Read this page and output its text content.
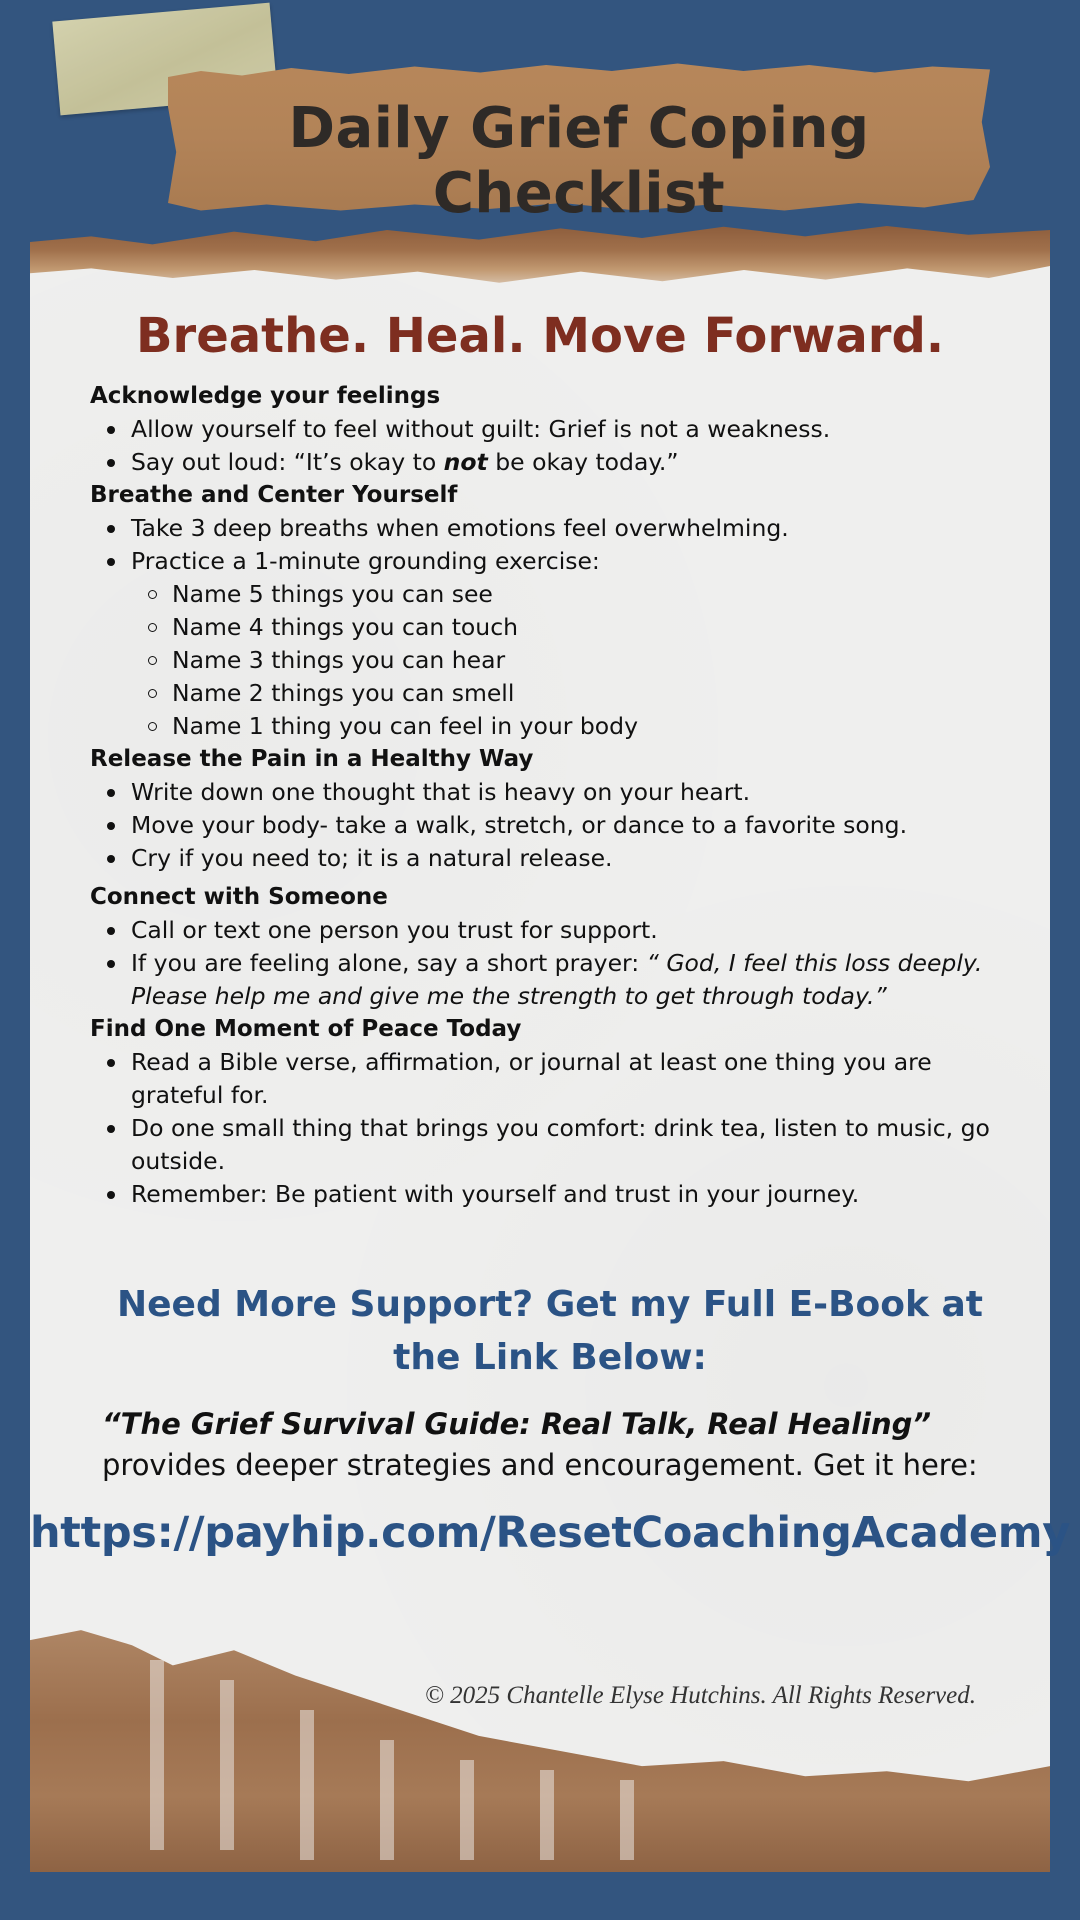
Daily Grief Coping Checklist
Breathe. Heal. Move Forward.

Acknowledge your feelings

Allow yourself to feel without guilt: Grief is not a weakness.
Say out loud: “It’s okay to not be okay today.”

Breathe and Center Yourself

Take 3 deep breaths when emotions feel overwhelming.
Practice a 1-minute grounding exercise:
Name 5 things you can see
Name 4 things you can touch
Name 3 things you can hear
Name 2 things you can smell
Name 1 thing you can feel in your body

Release the Pain in a Healthy Way

Write down one thought that is heavy on your heart.
Move your body- take a walk, stretch, or dance to a favorite song.
Cry if you need to; it is a natural release.

Connect with Someone

Call or text one person you trust for support.
If you are feeling alone, say a short prayer: “ God, I feel this loss deeply. Please help me and give me the strength to get through today.”

Find One Moment of Peace Today

Read a Bible verse, affirmation, or journal at least one thing you are grateful for.
Do one small thing that brings you comfort: drink tea, listen to music, go outside.
Remember: Be patient with yourself and trust in your journey.
Need More Support? Get my Full E-Book at the Link Below:

“The Grief Survival Guide: Real Talk, Real Healing” provides deeper strategies and encouragement. Get it here:

https://payhip.com/ResetCoachingAcademy

© 2025 Chantelle Elyse Hutchins. All Rights Reserved.
